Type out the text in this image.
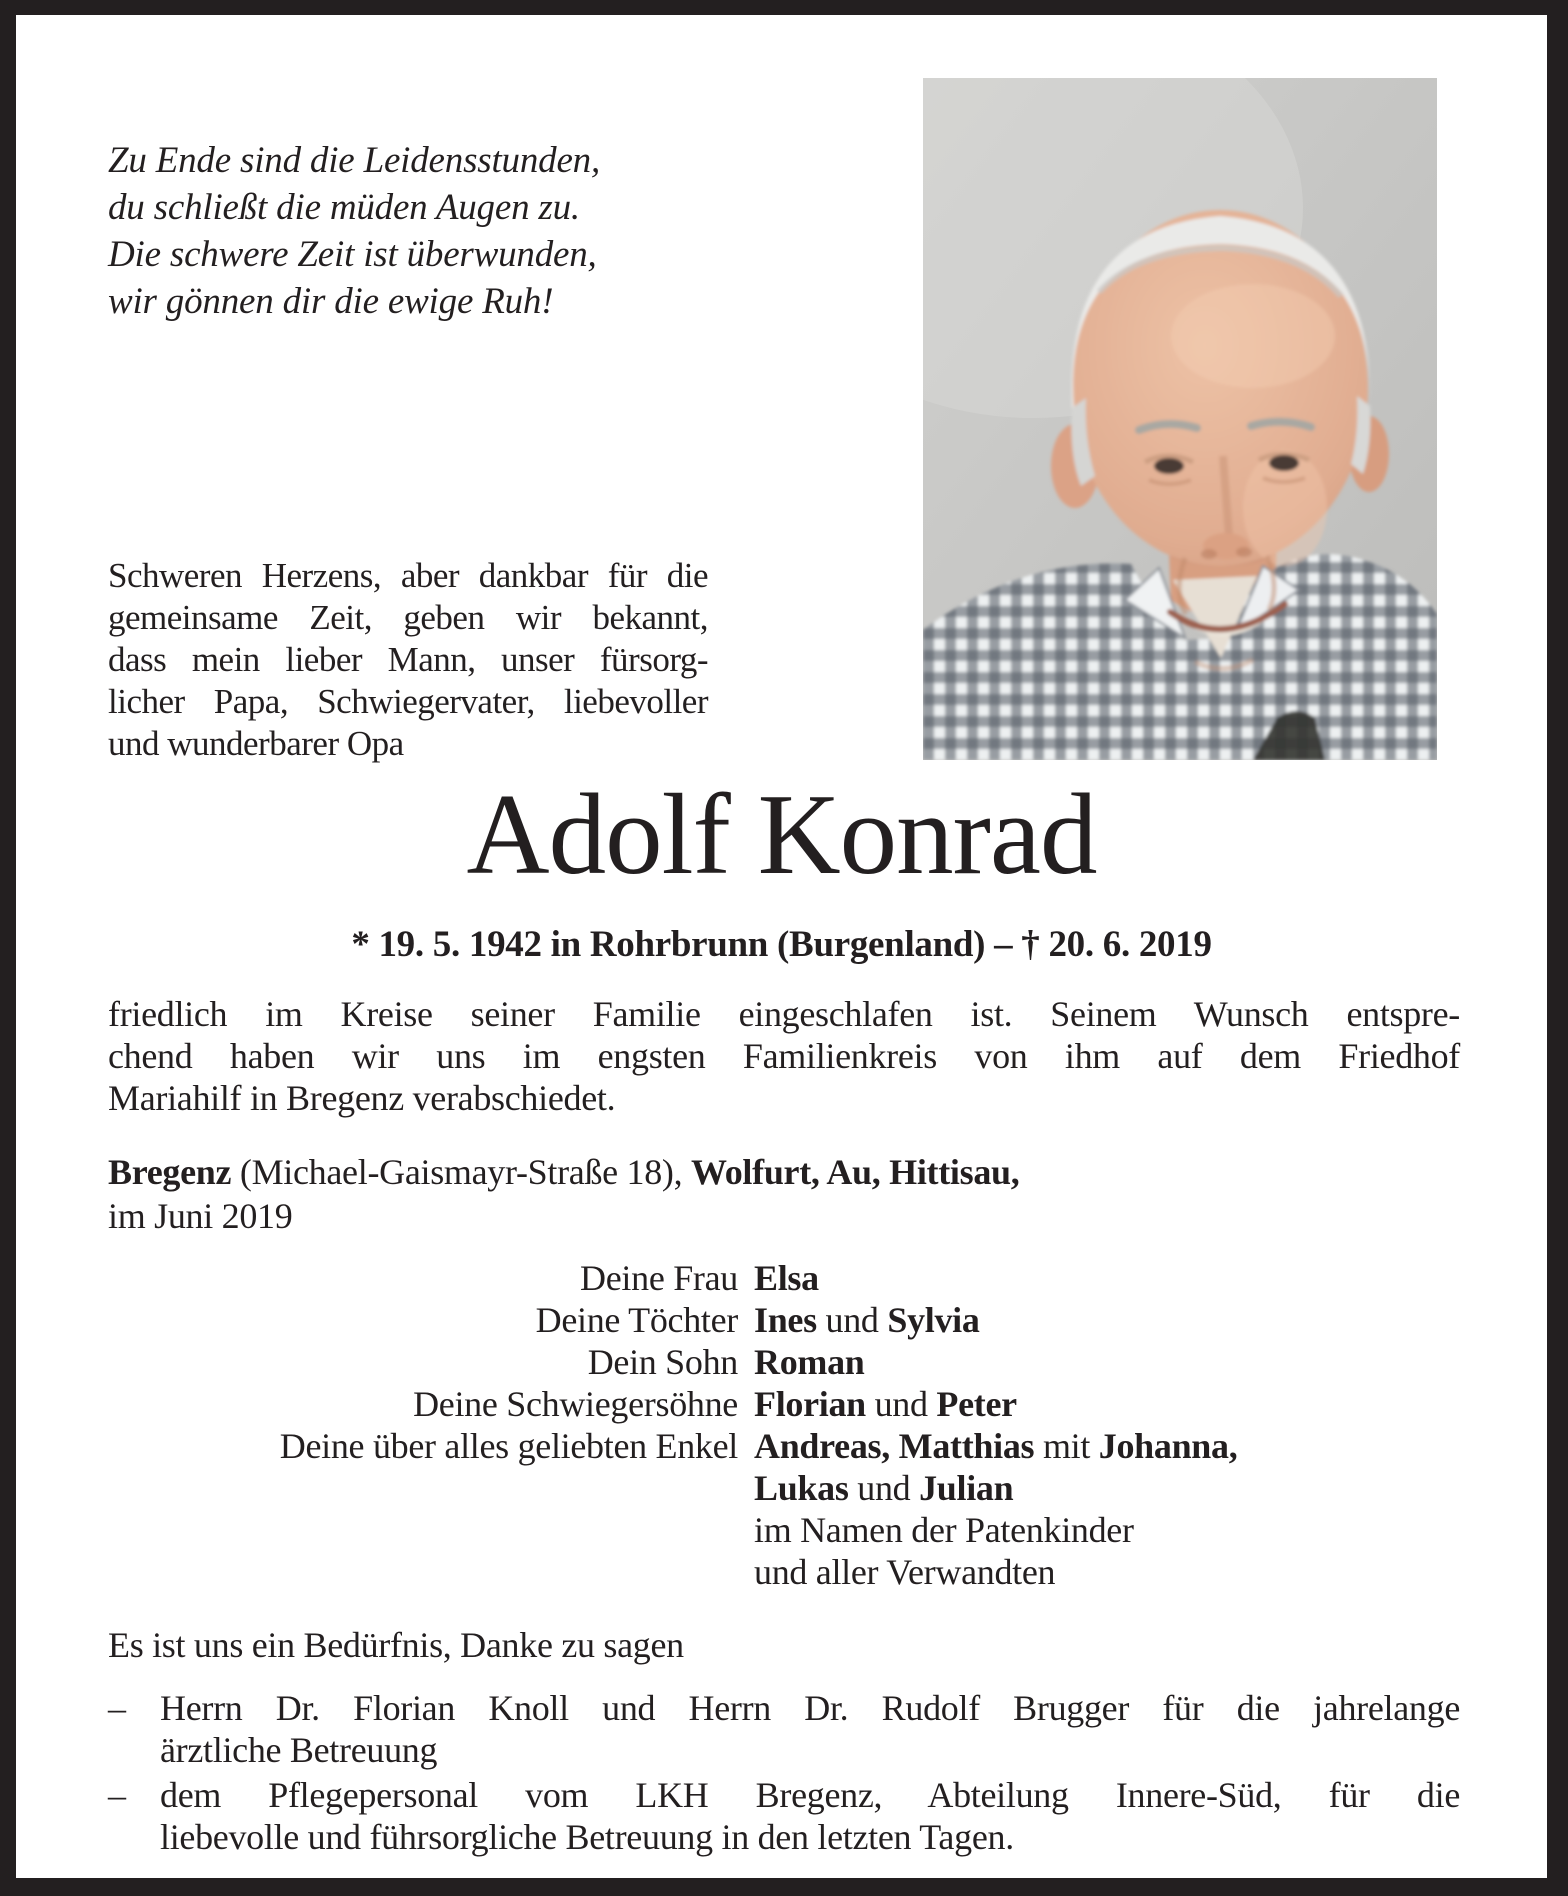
Zu Ende sind die Leidensstunden,
du schließt die müden Augen zu.
Die schwere Zeit ist überwunden,
wir gönnen dir die ewige Ruh!
Schweren Herzens, aber dankbar für die
gemeinsame Zeit, geben wir bekannt,
dass mein lieber Mann, unser fürsorg-
licher Papa, Schwiegervater, liebevoller
und wunderbarer Opa
Adolf Konrad
* 19. 5. 1942 in Rohrbrunn (Burgenland) – † 20. 6. 2019
friedlich im Kreise seiner Familie eingeschlafen ist. Seinem Wunsch entspre-
chend haben wir uns im engsten Familienkreis von ihm auf dem Friedhof
Mariahilf in Bregenz verabschiedet.
Bregenz (Michael-Gaismayr-Straße 18), Wolfurt, Au, Hittisau,
im Juni 2019
Deine Frau Elsa
Deine Töchter Ines und Sylvia
Dein Sohn Roman
Deine Schwiegersöhne Florian und Peter
Deine über alles geliebten Enkel Andreas, Matthias mit Johanna,
Lukas und Julian
im Namen der Patenkinder
und aller Verwandten
Es ist uns ein Bedürfnis, Danke zu sagen
– Herrn Dr. Florian Knoll und Herrn Dr. Rudolf Brugger für die jahrelange
ärztliche Betreuung
– dem Pflegepersonal vom LKH Bregenz, Abteilung Innere-Süd, für die
liebevolle und führsorgliche Betreuung in den letzten Tagen.
